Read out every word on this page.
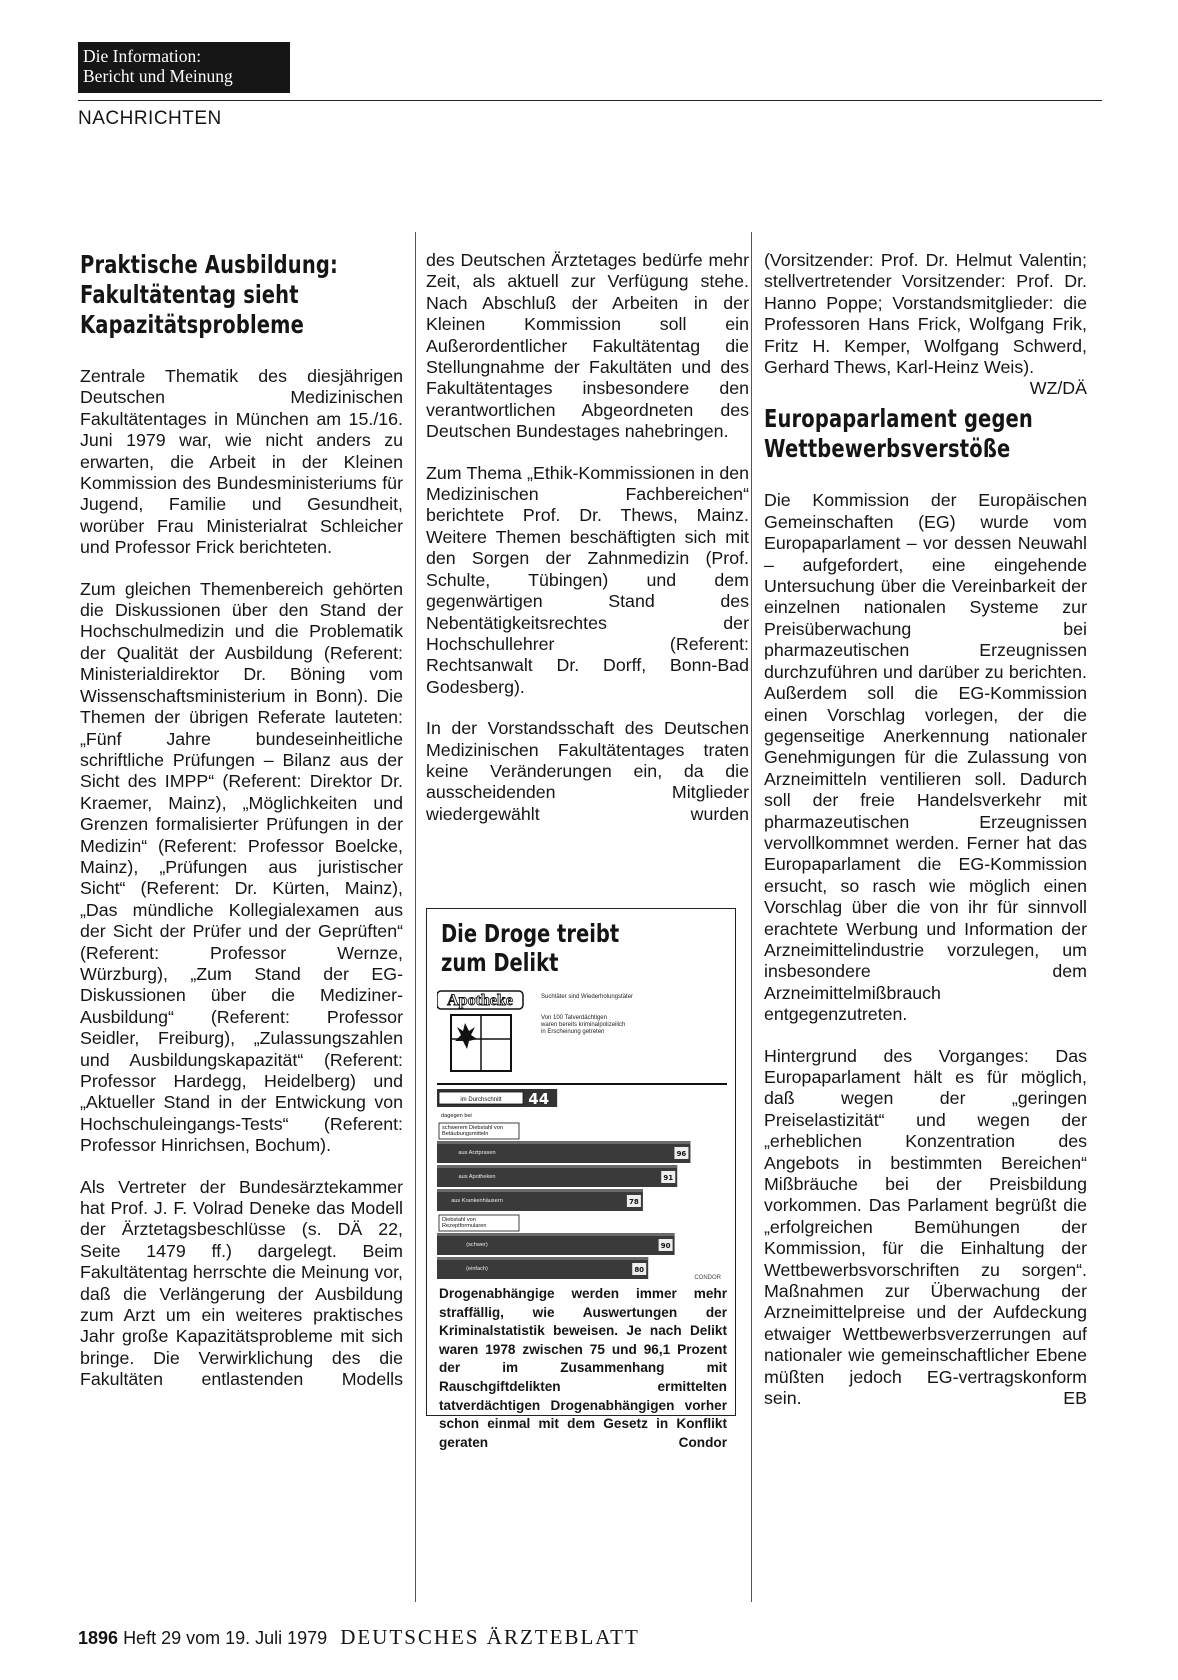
Die Information:
Bericht und Meinung
NACHRICHTEN
Praktische Ausbildung: Fakultätentag sieht Kapazitätsprobleme

Zentrale Thematik des diesjährigen Deutschen Medizinischen Fakultätentages in München am 15./16. Juni 1979 war, wie nicht anders zu erwarten, die Arbeit in der Kleinen Kommission des Bundesministeriums für Jugend, Familie und Gesundheit, worüber Frau Ministerialrat Schleicher und Professor Frick berichteten.

Zum gleichen Themenbereich gehörten die Diskussionen über den Stand der Hochschulmedizin und die Problematik der Qualität der Ausbildung (Referent: Ministerialdirektor Dr. Böning vom Wissenschaftsministerium in Bonn). Die Themen der übrigen Referate lauteten: „Fünf Jahre bundeseinheitliche schriftliche Prüfungen – Bilanz aus der Sicht des IMPP“ (Referent: Direktor Dr. Kraemer, Mainz), „Möglichkeiten und Grenzen formalisierter Prüfungen in der Medizin“ (Referent: Professor Boelcke, Mainz), „Prüfungen aus juristischer Sicht“ (Referent: Dr. Kürten, Mainz), „Das mündliche Kollegialexamen aus der Sicht der Prüfer und der Geprüften“ (Referent: Professor Wernze, Würzburg), „Zum Stand der EG-Diskussionen über die Mediziner-Ausbildung“ (Referent: Professor Seidler, Freiburg), „Zulassungszahlen und Ausbildungskapazität“ (Referent: Professor Hardegg, Heidelberg) und „Aktueller Stand in der Entwickung von Hochschuleingangs-Tests“ (Referent: Professor Hinrichsen, Bochum).

Als Vertreter der Bundesärztekammer hat Prof. J. F. Volrad Deneke das Modell der Ärztetagsbeschlüsse (s. DÄ 22, Seite 1479 ff.) dargelegt. Beim Fakultätentag herrschte die Meinung vor, daß die Verlängerung der Ausbildung zum Arzt um ein weiteres praktisches Jahr große Kapazitätsprobleme mit sich bringe. Die Verwirklichung des die Fakultäten entlastenden Modells

des Deutschen Ärztetages bedürfe mehr Zeit, als aktuell zur Verfügung stehe. Nach Abschluß der Arbeiten in der Kleinen Kommission soll ein Außerordentlicher Fakultätentag die Stellungnahme der Fakultäten und des Fakultätentages insbesondere den verantwortlichen Abgeordneten des Deutschen Bundestages nahebringen.

Zum Thema „Ethik-Kommissionen in den Medizinischen Fachbereichen“ berichtete Prof. Dr. Thews, Mainz. Weitere Themen beschäftigten sich mit den Sorgen der Zahnmedizin (Prof. Schulte, Tübingen) und dem gegenwärtigen Stand des Nebentätigkeitsrechtes der Hochschullehrer (Referent: Rechtsanwalt Dr. Dorff, Bonn-Bad Godesberg).

In der Vorstandsschaft des Deutschen Medizinischen Fakultätentages traten keine Veränderungen ein, da die ausscheidenden Mitglieder wiedergewählt wurden

Die Droge treibt
zum Delikt
Apotheke	Suchtäter sind Wiederholungstäter
Von 100 Tatverdächtigen waren bereits kriminalpolizeilich in Erscheinung getreten
im Durchschnitt 44
dagegen bei
schwerem Diebstahl von Betäubungsmitteln
aus Arztpraxen	96
aus Apotheken	91
aus Krankenhäusern	78
Diebstahl von Rezeptformularen
(schwer)	90
(einfach)	80
CONDOR
Drogenabhängige werden immer mehr straffällig, wie Auswertungen der Kriminalstatistik beweisen. Je nach Delikt waren 1978 zwischen 75 und 96,1 Prozent der im Zusammenhang mit Rauschgiftdelikten ermittelten tatverdächtigen Drogenabhängigen vorher schon einmal mit dem Gesetz in Konflikt geraten	Condor

(Vorsitzender: Prof. Dr. Helmut Valentin; stellvertretender Vorsitzender: Prof. Dr. Hanno Poppe; Vorstandsmitglieder: die Professoren Hans Frick, Wolfgang Frik, Fritz H. Kemper, Wolfgang Schwerd, Gerhard Thews, Karl-Heinz Weis).
WZ/DÄ

Europaparlament gegen Wettbewerbsverstöße

Die Kommission der Europäischen Gemeinschaften (EG) wurde vom Europaparlament – vor dessen Neuwahl – aufgefordert, eine eingehende Untersuchung über die Vereinbarkeit der einzelnen nationalen Systeme zur Preisüberwachung bei pharmazeutischen Erzeugnissen durchzuführen und darüber zu berichten. Außerdem soll die EG-Kommission einen Vorschlag vorlegen, der die gegenseitige Anerkennung nationaler Genehmigungen für die Zulassung von Arzneimitteln ventilieren soll. Dadurch soll der freie Handelsverkehr mit pharmazeutischen Erzeugnissen vervollkommnet werden. Ferner hat das Europaparlament die EG-Kommission ersucht, so rasch wie möglich einen Vorschlag über die von ihr für sinnvoll erachtete Werbung und Information der Arzneimittelindustrie vorzulegen, um insbesondere dem Arzneimittelmißbrauch entgegenzutreten.

Hintergrund des Vorganges: Das Europaparlament hält es für möglich, daß wegen der „geringen Preiselastizität“ und wegen der „erheblichen Konzentration des Angebots in bestimmten Bereichen“ Mißbräuche bei der Preisbildung vorkommen. Das Parlament begrüßt die „erfolgreichen Bemühungen der Kommission, für die Einhaltung der Wettbewerbsvorschriften zu sorgen“. Maßnahmen zur Überwachung der Arzneimittelpreise und der Aufdeckung etwaiger Wettbewerbsverzerrungen auf nationaler wie gemeinschaftlicher Ebene müßten jedoch EG-vertragskonform sein.	EB

1896 Heft 29 vom 19. Juli 1979 DEUTSCHES ÄRZTEBLATT
